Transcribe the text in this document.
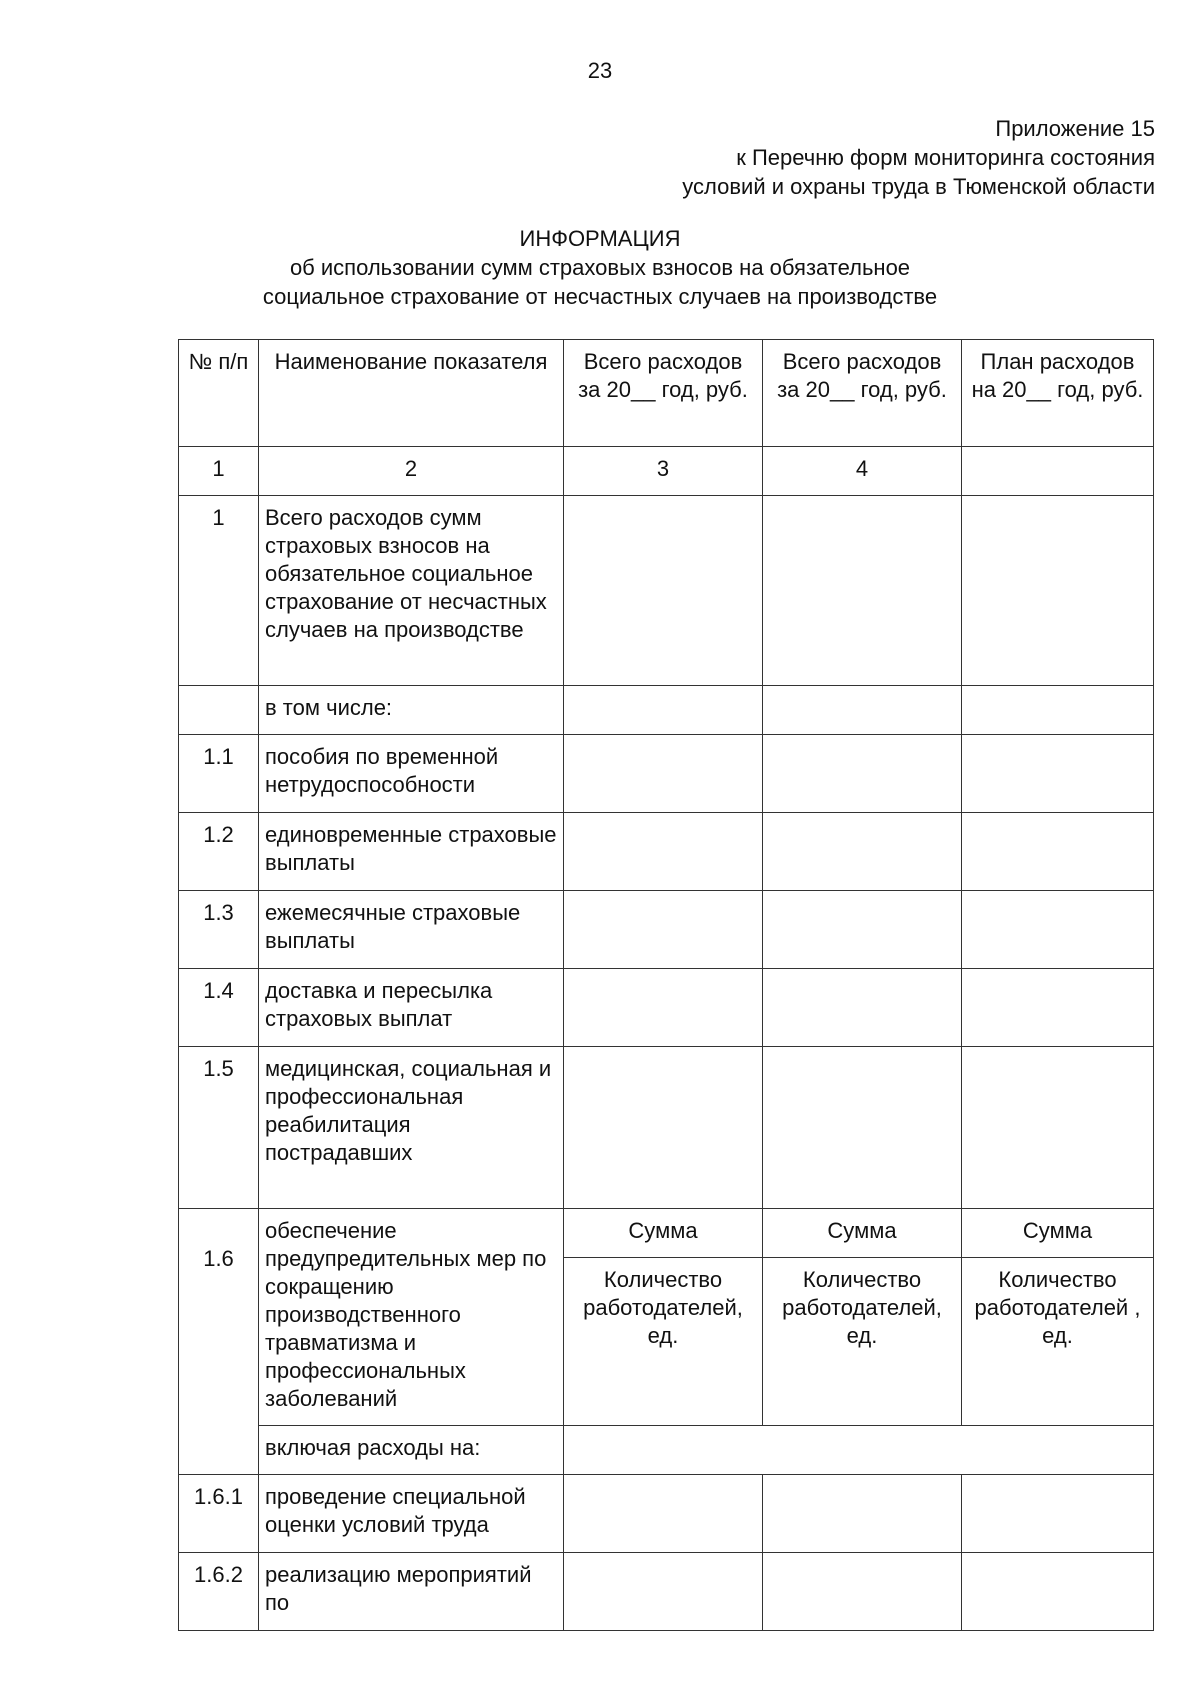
23
Приложение 15
к Перечню форм мониторинга состояния
условий и охраны труда в Тюменской области
ИНФОРМАЦИЯ
об использовании сумм страховых взносов на обязательное
социальное страхование от несчастных случаев на производстве
№ п/п	Наименование показателя	Всего расходов за 20__ год, руб.	Всего расходов за 20__ год, руб.	План расходов на 20__ год, руб.
1	2	3	4	
1	Всего расходов сумм страховых взносов на обязательное социальное страхование от несчастных случаев на производстве			
	в том числе:			
1.1	пособия по временной нетрудоспособности			
1.2	единовременные страховые выплаты			
1.3	ежемесячные страховые выплаты			
1.4	доставка и пересылка страховых выплат			
1.5	медицинская, социальная и профессиональная реабилитация пострадавших			
1.6	обеспечение предупредительных мер по сокращению производственного травматизма и профессиональных заболеваний	Сумма	Сумма	Сумма
		Количество работодателей, ед.	Количество работодателей, ед.	Количество работодателей , ед.
	включая расходы на:			
1.6.1	проведение специальной оценки условий труда			
1.6.2	реализацию мероприятий по			
